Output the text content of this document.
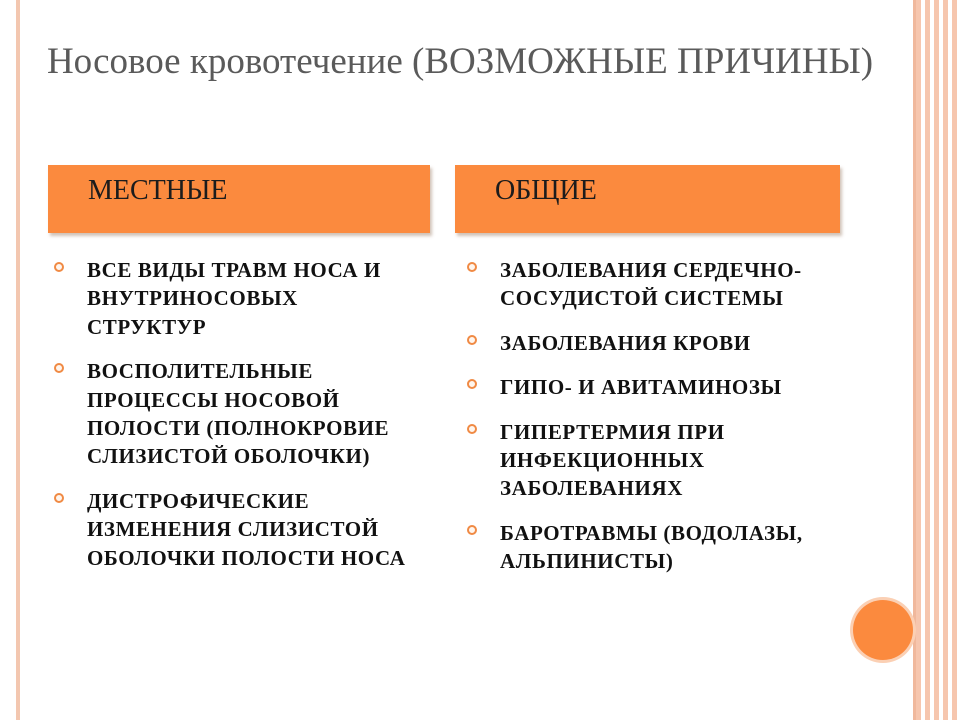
Носовое кровотечение (ВОЗМОЖНЫЕ ПРИЧИНЫ)
МЕСТНЫЕ	ОБЩИЕ
ВСЕ ВИДЫ ТРАВМ НОСА И ВНУТРИНОСОВЫХ СТРУКТУР
ВОСПОЛИТЕЛЬНЫЕ ПРОЦЕССЫ НОСОВОЙ ПОЛОСТИ (ПОЛНОКРОВИЕ СЛИЗИСТОЙ ОБОЛОЧКИ)
ДИСТРОФИЧЕСКИЕ ИЗМЕНЕНИЯ СЛИЗИСТОЙ ОБОЛОЧКИ ПОЛОСТИ НОСА
ЗАБОЛЕВАНИЯ СЕРДЕЧНО-СОСУДИСТОЙ СИСТЕМЫ
ЗАБОЛЕВАНИЯ КРОВИ
ГИПО- И АВИТАМИНОЗЫ
ГИПЕРТЕРМИЯ ПРИ ИНФЕКЦИОННЫХ ЗАБОЛЕВАНИЯХ
БАРОТРАВМЫ (ВОДОЛАЗЫ, АЛЬПИНИСТЫ)
